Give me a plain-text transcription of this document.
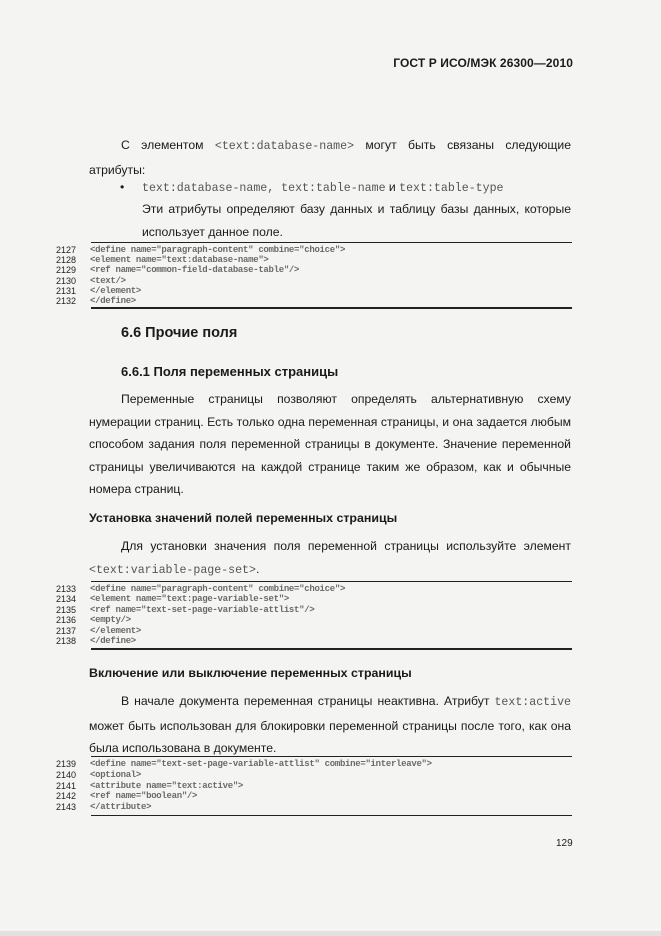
ГОСТ Р ИСО/МЭК 26300—2010

С элементом <text:database-name> могут быть связаны следующие атрибуты:

• text:database-name, text:table-name и text:table-type

Эти атрибуты определяют базу данных и таблицу базы данных, которые использует данное поле.

2127 <define name="paragraph-content" combine="choice">
2128 <element name="text:database-name">
2129 <ref name="common-field-database-table"/>
2130 <text/>
2131 </element>
2132 </define>
6.6 Прочие поля
6.6.1 Поля переменных страницы

Переменные страницы позволяют определять альтернативную схему нумерации страниц. Есть только одна переменная страницы, и она задается любым способом задания поля переменной страницы в документе. Значение переменной страницы увеличиваются на каждой странице таким же образом, как и обычные номера страниц.

Установка значений полей переменных страницы

Для установки значения поля переменной страницы используйте элемент <text:variable-page-set>.

2133 <define name="paragraph-content" combine="choice">
2134 <element name="text:page-variable-set">
2135 <ref name="text-set-page-variable-attlist"/>
2136 <empty/>
2137 </element>
2138 </define>
Включение или выключение переменных страницы

В начале документа переменная страницы неактивна. Атрибут text:active может быть использован для блокировки переменной страницы после того, как она была использована в документе.

2139 <define name="text-set-page-variable-attlist" combine="interleave">
2140 <optional>
2141 <attribute name="text:active">
2142 <ref name="boolean"/>
2143 </attribute>
129
